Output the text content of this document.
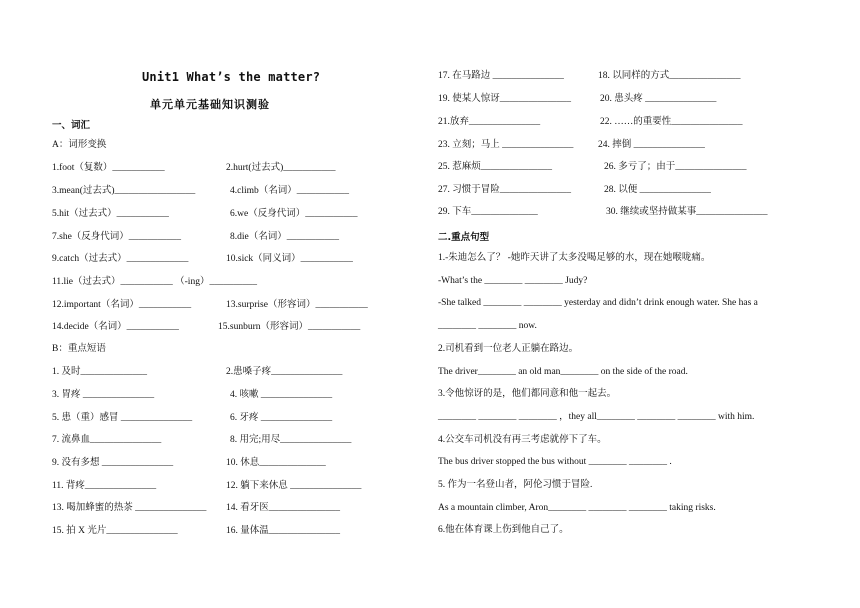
Unit1 What’s the matter?
单元单元基础知识测验
一、词汇
A：词形变换
1.foot（复数）___________	2.hurt(过去式)___________
3.mean(过去式)_________________	4.climb（名词）___________
5.hit（过去式）___________	6.we（反身代词）___________
7.she（反身代词）___________	8.die（名词）___________
9.catch（过去式）_____________	10.sick（同义词）___________
11.lie（过去式）___________ （-ing）__________
12.important（名词）___________	13.surprise（形容词）___________
14.decide（名词）___________	15.sunburn（形容词）___________
B：重点短语
1. 及时______________	2.患嗓子疼_______________
3. 胃疼 _______________	4. 咳嗽 _______________
5. 患（重）感冒 _______________	6. 牙疼 _______________
7. 流鼻血_______________	8. 用完;用尽_______________
9. 没有多想 _______________	10. 休息______________
11. 背疼_______________	12. 躺下来休息 _______________
13. 喝加蜂蜜的热茶 _______________ 14. 看牙医_______________
15. 拍 X 光片_______________	16. 量体温_______________
17. 在马路边 _______________	18. 以同样的方式_______________
19. 使某人惊讶_______________	20. 患头疼 _______________
21.放弃_______________	22. ……的重要性_______________
23. 立刻；马上 _______________	24. 摔倒 _______________
25. 惹麻烦_______________	26. 多亏了；由于_______________
27. 习惯于冒险_______________	28. 以便 _______________
29. 下车______________	30. 继续或坚持做某事_______________
二.重点句型
1.-朱迪怎么了？ -她昨天讲了太多没喝足够的水，现在她喉咙痛。
-What’s the ________ ________ Judy?
-She talked ________ ________ yesterday and didn’t drink enough water. She has a
________ ________ now.
2.司机看到一位老人正躺在路边。
The driver________ an old man________ on the side of the road.
3.令他惊讶的是，他们都同意和他一起去。
________ ________ ________ ，they all________ ________ ________ with him.
4.公交车司机没有再三考虑就停下了车。
The bus driver stopped the bus without ________ ________ .
5. 作为一名登山者，阿伦习惯于冒险.
As a mountain climber, Aron________ ________ ________ taking risks.
6.他在体育课上伤到他自己了。
